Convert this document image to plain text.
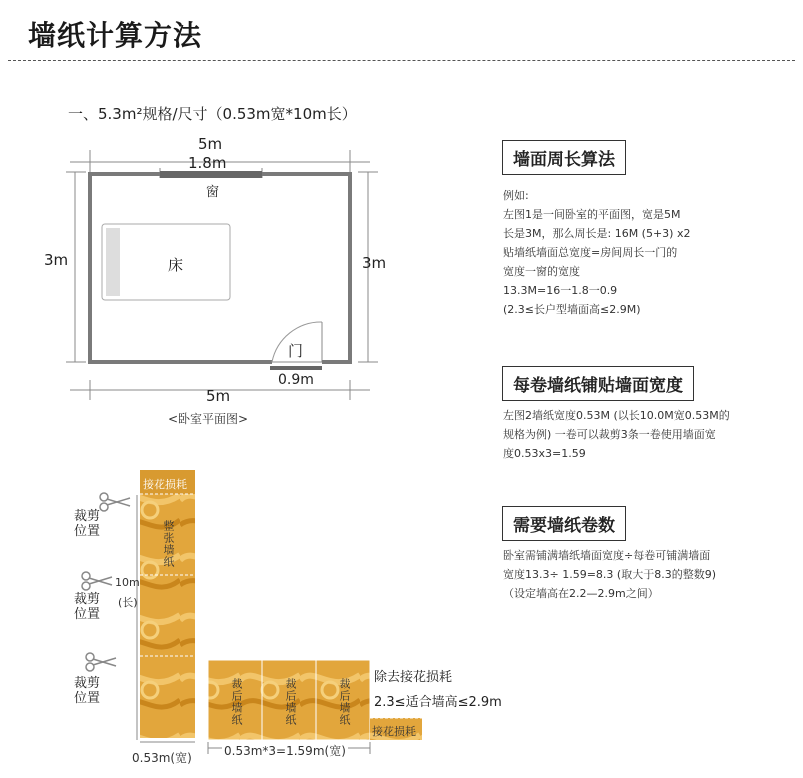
墙纸计算方法
一、5.3m²规格/尺寸（0.53m宽*10m长）
5m
1.8m
窗
3m	3m
床
门
0.9m
5m
<卧室平面图>
墙面周长算法
例如:
左图1是一间卧室的平面图，宽是5M
长是3M，那么周长是: 16M (5+3) x2
贴墙纸墙面总宽度=房间周长一门的
宽度一窗的宽度
13.3M=16一1.8一0.9
(2.3≤长户型墙面高≤2.9M)
每卷墙纸铺贴墙面宽度
左图2墙纸宽度0.53M (以长10.0M宽0.53M的
规格为例) 一卷可以裁剪3条一卷使用墙面宽
度0.53x3=1.59
需要墙纸卷数
卧室需铺满墙纸墙面宽度÷每卷可铺满墙面
宽度13.3÷ 1.59=8.3 (取大于8.3的整数9)
（设定墙高在2.2—2.9m之间）
接花损耗
整张墙纸
裁剪位置
裁剪位置
裁剪位置
10m
(长)
0.53m(宽)
裁后墙纸	裁后墙纸	裁后墙纸
0.53m*3=1.59m(宽)
除去接花损耗
2.3≤适合墙高≤2.9m
接花损耗
